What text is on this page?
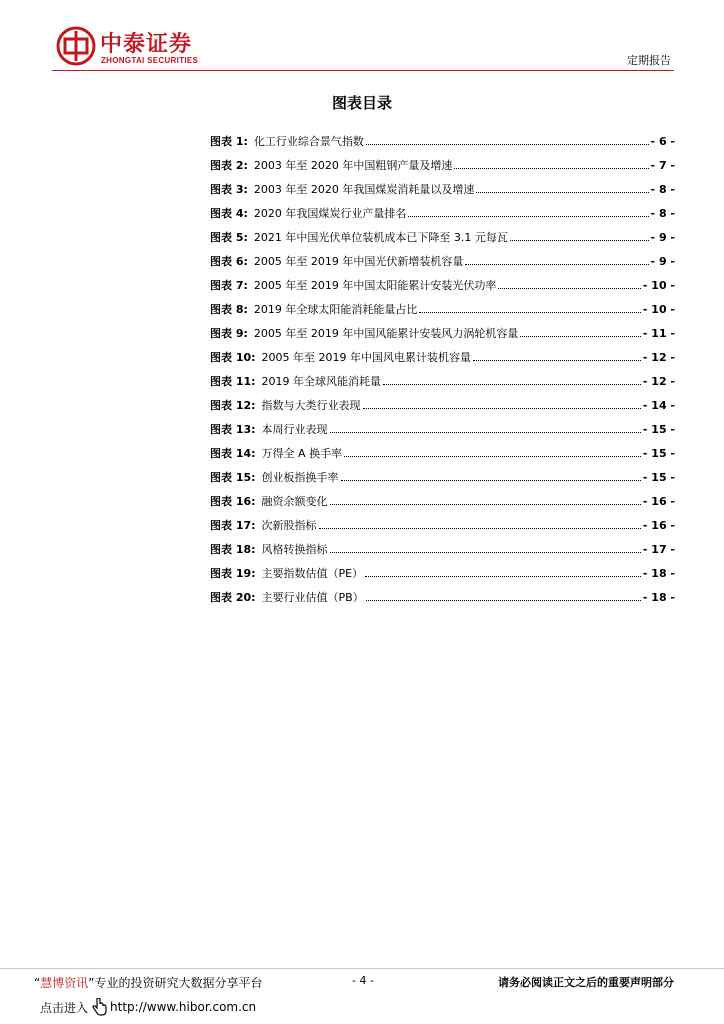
中泰证券
ZHONGTAI SECURITIES	定期报告
图表目录
图表 1: 化工行业综合景气指数	- 6 -
图表 2: 2003 年至 2020 年中国粗钢产量及增速	- 7 -
图表 3: 2003 年至 2020 年我国煤炭消耗量以及增速	- 8 -
图表 4: 2020 年我国煤炭行业产量排名	- 8 -
图表 5: 2021 年中国光伏单位装机成本已下降至 3.1 元每瓦	- 9 -
图表 6: 2005 年至 2019 年中国光伏新增装机容量	- 9 -
图表 7: 2005 年至 2019 年中国太阳能累计安装光伏功率	- 10 -
图表 8: 2019 年全球太阳能消耗能量占比	- 10 -
图表 9: 2005 年至 2019 年中国风能累计安装风力涡轮机容量	- 11 -
图表 10: 2005 年至 2019 年中国风电累计装机容量	- 12 -
图表 11: 2019 年全球风能消耗量	- 12 -
图表 12: 指数与大类行业表现	- 14 -
图表 13: 本周行业表现	- 15 -
图表 14: 万得全 A 换手率	- 15 -
图表 15: 创业板指换手率	- 15 -
图表 16: 融资余额变化	- 16 -
图表 17: 次新股指标	- 16 -
图表 18: 风格转换指标	- 17 -
图表 19: 主要指数估值（PE）	- 18 -
图表 20: 主要行业估值（PB）	- 18 -
“慧博资讯”专业的投资研究大数据分享平台	- 4 -	请务必阅读正文之后的重要声明部分
点击进入 http://www.hibor.com.cn
